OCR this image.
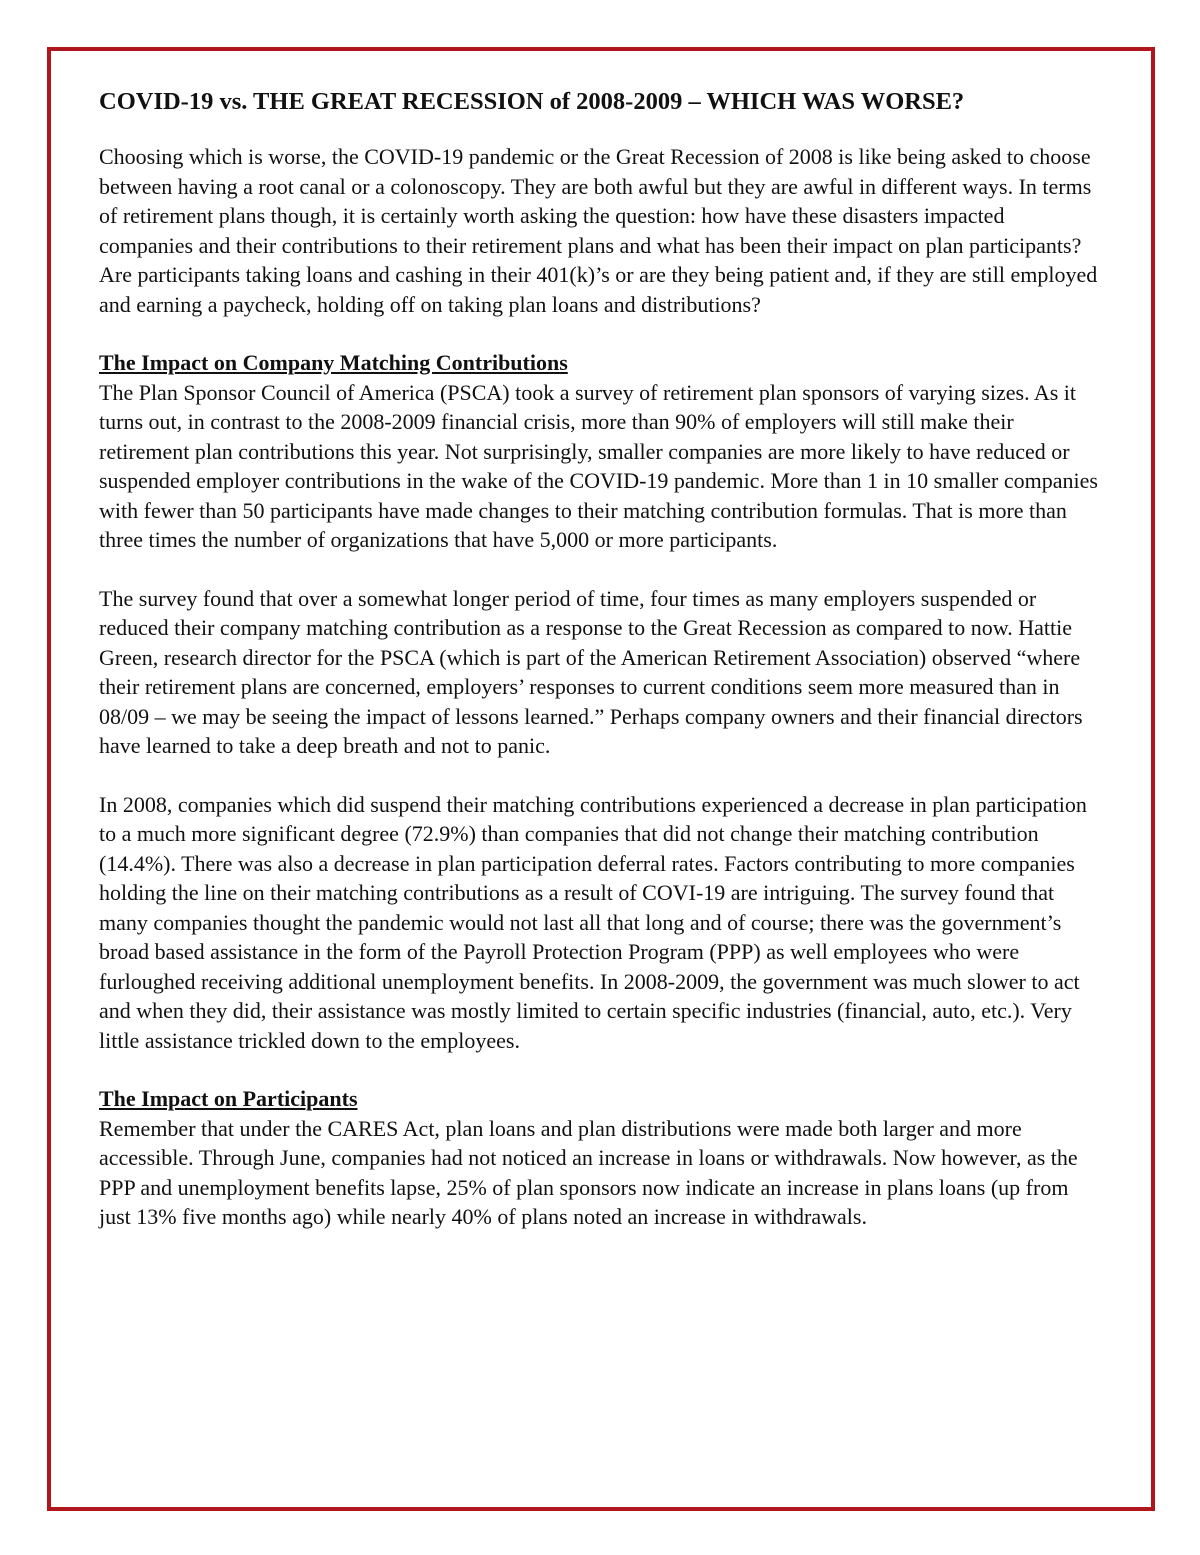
COVID-19 vs. THE GREAT RECESSION of 2008-2009 – WHICH WAS WORSE?

Choosing which is worse, the COVID-19 pandemic or the Great Recession of 2008 is like being asked to choose between having a root canal or a colonoscopy. They are both awful but they are awful in different ways. In terms of retirement plans though, it is certainly worth asking the question: how have these disasters impacted companies and their contributions to their retirement plans and what has been their impact on plan participants? Are participants taking loans and cashing in their 401(k)’s or are they being patient and, if they are still employed and earning a paycheck, holding off on taking plan loans and distributions?

The Impact on Company Matching Contributions

The Plan Sponsor Council of America (PSCA) took a survey of retirement plan sponsors of varying sizes. As it turns out, in contrast to the 2008-2009 financial crisis, more than 90% of employers will still make their retirement plan contributions this year. Not surprisingly, smaller companies are more likely to have reduced or suspended employer contributions in the wake of the COVID-19 pandemic. More than 1 in 10 smaller companies with fewer than 50 participants have made changes to their matching contribution formulas. That is more than three times the number of organizations that have 5,000 or more participants.

The survey found that over a somewhat longer period of time, four times as many employers suspended or reduced their company matching contribution as a response to the Great Recession as compared to now. Hattie Green, research director for the PSCA (which is part of the American Retirement Association) observed “where their retirement plans are concerned, employers’ responses to current conditions seem more measured than in 08/09 – we may be seeing the impact of lessons learned.” Perhaps company owners and their financial directors have learned to take a deep breath and not to panic.

In 2008, companies which did suspend their matching contributions experienced a decrease in plan participation to a much more significant degree (72.9%) than companies that did not change their matching contribution (14.4%). There was also a decrease in plan participation deferral rates. Factors contributing to more companies holding the line on their matching contributions as a result of COVI-19 are intriguing. The survey found that many companies thought the pandemic would not last all that long and of course; there was the government’s broad based assistance in the form of the Payroll Protection Program (PPP) as well employees who were furloughed receiving additional unemployment benefits. In 2008-2009, the government was much slower to act and when they did, their assistance was mostly limited to certain specific industries (financial, auto, etc.). Very little assistance trickled down to the employees.

The Impact on Participants

Remember that under the CARES Act, plan loans and plan distributions were made both larger and more accessible. Through June, companies had not noticed an increase in loans or withdrawals. Now however, as the PPP and unemployment benefits lapse, 25% of plan sponsors now indicate an increase in plans loans (up from just 13% five months ago) while nearly 40% of plans noted an increase in withdrawals.
